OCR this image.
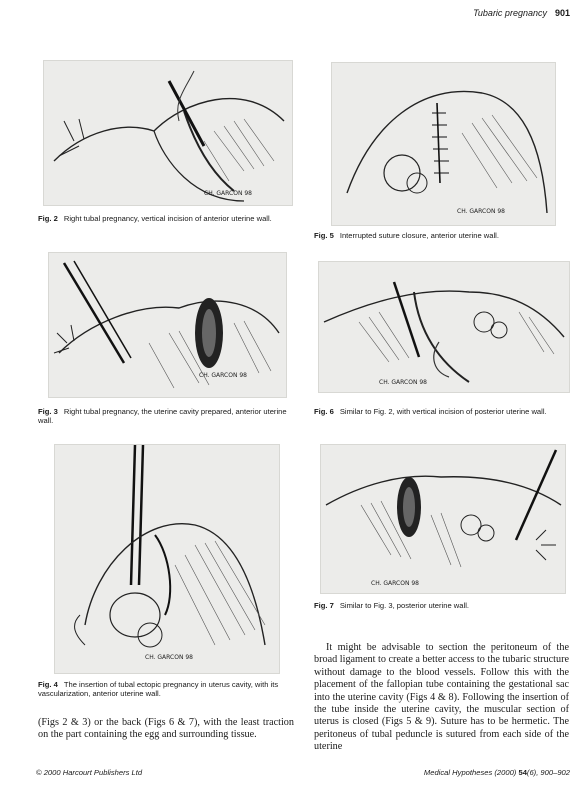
Tubaric pregnancy 901
CH. GARCON 98
Fig. 2 Right tubal pregnancy, vertical incision of anterior uterine wall.
CH. GARCON 98
Fig. 5 Interrupted suture closure, anterior uterine wall.
CH. GARCON 98
Fig. 3 Right tubal pregnancy, the uterine cavity prepared, anterior uterine wall.
CH. GARCON 98
Fig. 6 Similar to Fig. 2, with vertical incision of posterior uterine wall.
CH. GARCON 98
Fig. 4 The insertion of tubal ectopic pregnancy in uterus cavity, with its vascularization, anterior uterine wall.
CH. GARCON 98
Fig. 7 Similar to Fig. 3, posterior uterine wall.
(Figs 2 & 3) or the back (Figs 6 & 7), with the least traction on the part containing the egg and surrounding tissue.
It might be advisable to section the peritoneum of the broad ligament to create a better access to the tubaric structure without damage to the blood vessels. Follow this with the placement of the fallopian tube containing the gestational sac into the uterine cavity (Figs 4 & 8). Following the insertion of the tube inside the uterine cavity, the muscular section of uterus is closed (Figs 5 & 9). Suture has to be hermetic. The peritoneus of tubal peduncle is sutured from each side of the uterine
© 2000 Harcourt Publishers Ltd	Medical Hypotheses (2000) 54(6), 900–902
